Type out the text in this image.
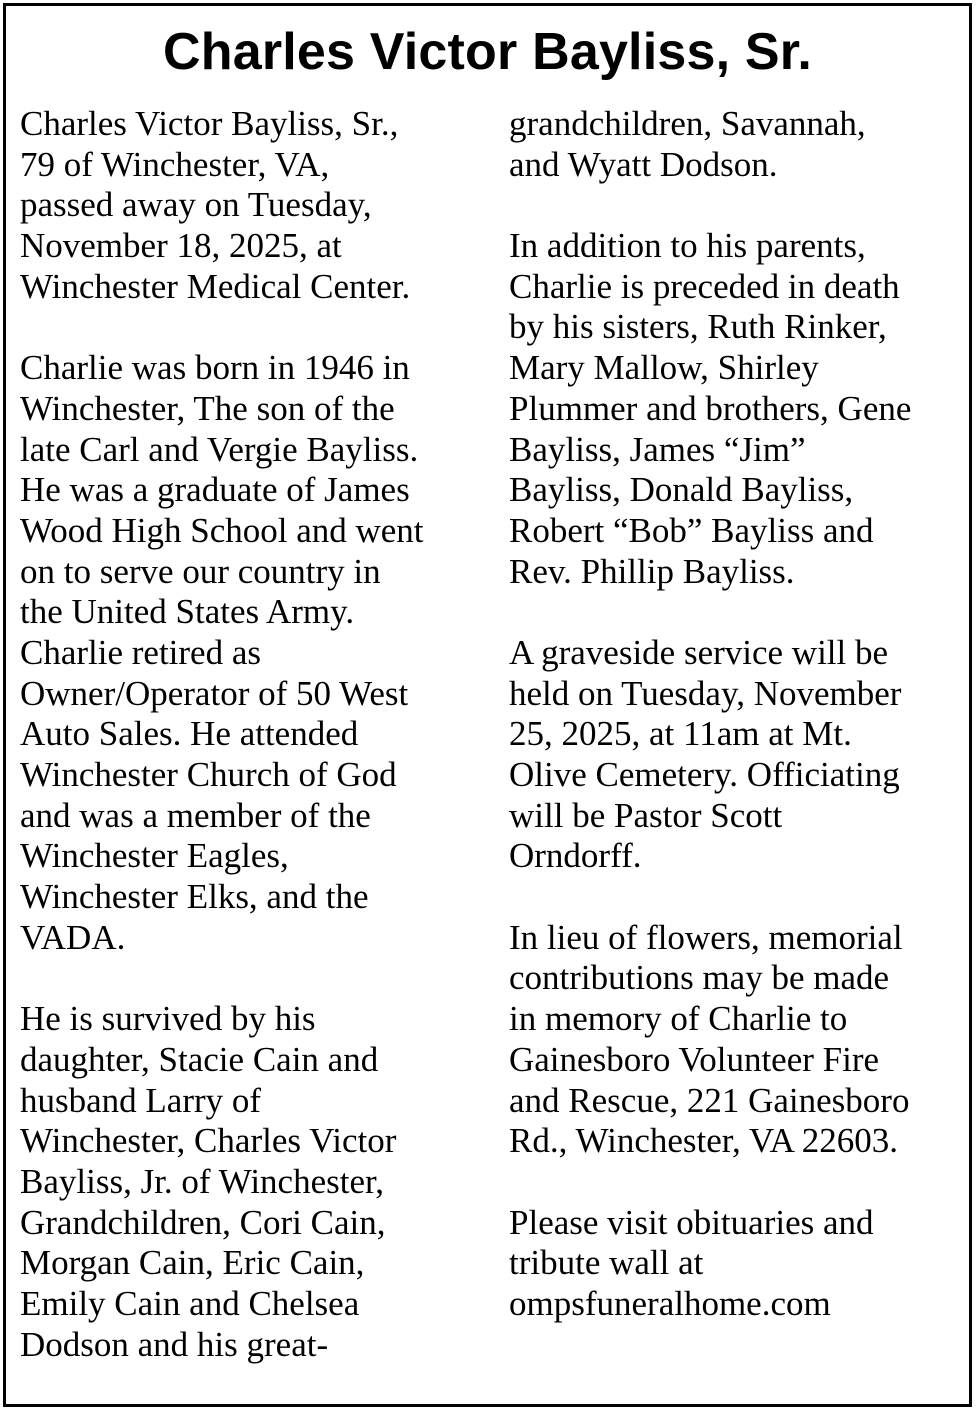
Charles Victor Bayliss, Sr.
Charles Victor Bayliss, Sr.,
79 of Winchester, VA,
passed away on Tuesday,
November 18, 2025, at
Winchester Medical Center.
Charlie was born in 1946 in
Winchester, The son of the
late Carl and Vergie Bayliss.
He was a graduate of James
Wood High School and went
on to serve our country in
the United States Army.
Charlie retired as
Owner/Operator of 50 West
Auto Sales. He attended
Winchester Church of God
and was a member of the
Winchester Eagles,
Winchester Elks, and the
VADA.
He is survived by his
daughter, Stacie Cain and
husband Larry of
Winchester, Charles Victor
Bayliss, Jr. of Winchester,
Grandchildren, Cori Cain,
Morgan Cain, Eric Cain,
Emily Cain and Chelsea
Dodson and his great-
grandchildren, Savannah,
and Wyatt Dodson.
In addition to his parents,
Charlie is preceded in death
by his sisters, Ruth Rinker,
Mary Mallow, Shirley
Plummer and brothers, Gene
Bayliss, James “Jim”
Bayliss, Donald Bayliss,
Robert “Bob” Bayliss and
Rev. Phillip Bayliss.
A graveside service will be
held on Tuesday, November
25, 2025, at 11am at Mt.
Olive Cemetery. Officiating
will be Pastor Scott
Orndorff.
In lieu of flowers, memorial
contributions may be made
in memory of Charlie to
Gainesboro Volunteer Fire
and Rescue, 221 Gainesboro
Rd., Winchester, VA 22603.
Please visit obituaries and
tribute wall at
ompsfuneralhome.com
